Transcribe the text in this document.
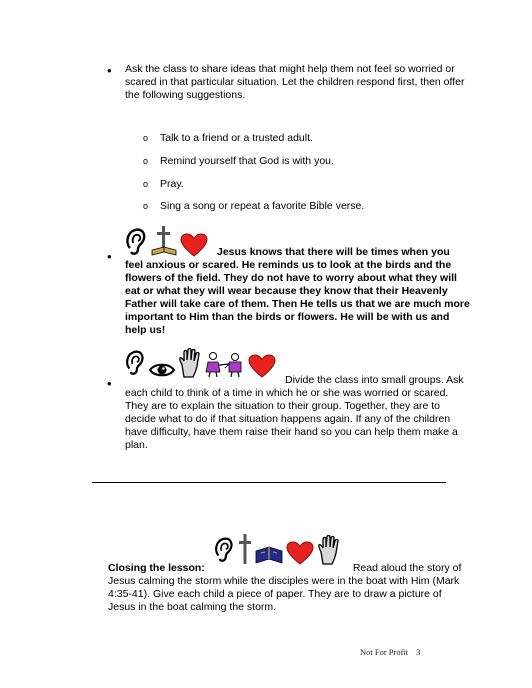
• Ask the class to share ideas that might help them not feel so worried or scared in that particular situation. Let the children respond first, then offer the following suggestions.
o Talk to a friend or a trusted adult.
o Remind yourself that God is with you.
o Pray.
o Sing a song or repeat a favorite Bible verse.
•	Jesus knows that there will be times when you feel anxious or scared. He reminds us to look at the birds and the flowers of the field. They do not have to worry about what they will eat or what they will wear because they know that their Heavenly Father will take care of them. Then He tells us that we are much more important to Him than the birds or flowers. He will be with us and help us!
•	Divide the class into small groups. Ask each child to think of a time in which he or she was worried or scared. They are to explain the situation to their group. Together, they are to decide what to do if that situation happens again. If any of the children have difficulty, have them raise their hand so you can help them make a plan.
Closing the lesson:	Read aloud the story of Jesus calming the storm while the disciples were in the boat with Him (Mark 4:35-41). Give each child a piece of paper. They are to draw a picture of Jesus in the boat calming the storm.
Not For Profit 3
